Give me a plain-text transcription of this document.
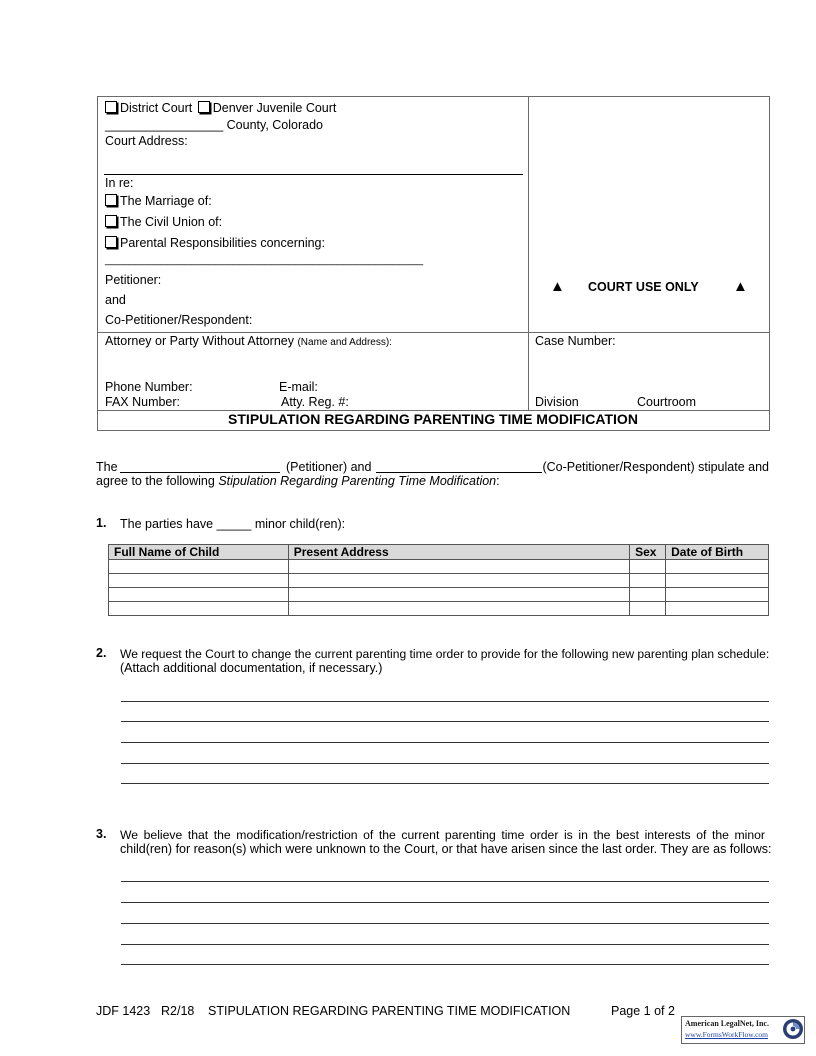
District Court Denver Juvenile Court
_________________ County, Colorado
Court Address:
In re:
The Marriage of:
The Civil Union of:
Parental Responsibilities concerning:
____________________________________________________
Petitioner:
and
Co-Petitioner/Respondent:
▲ COURT USE ONLY ▲
Attorney or Party Without Attorney (Name and Address):
Phone Number:	E-mail:
FAX Number:	Atty. Reg. #:
Case Number:
Division	Courtroom
STIPULATION REGARDING PARENTING TIME MODIFICATION
The	(Petitioner) and	(Co-Petitioner/Respondent) stipulate and
agree to the following Stipulation Regarding Parenting Time Modification:
1. The parties have _____ minor child(ren):
Full Name of Child	Present Address	Sex	Date of Birth

2. We request the Court to change the current parenting time order to provide for the following new parenting plan schedule:
(Attach additional documentation, if necessary.)
3. We believe that the modification/restriction of the current parenting time order is in the best interests of the minor
child(ren) for reason(s) which were unknown to the Court, or that have arisen since the last order. They are as follows:
JDF 1423 R2/18 STIPULATION REGARDING PARENTING TIME MODIFICATION	Page 1 of 2
American LegalNet, Inc.
www.FormsWorkFlow.com
